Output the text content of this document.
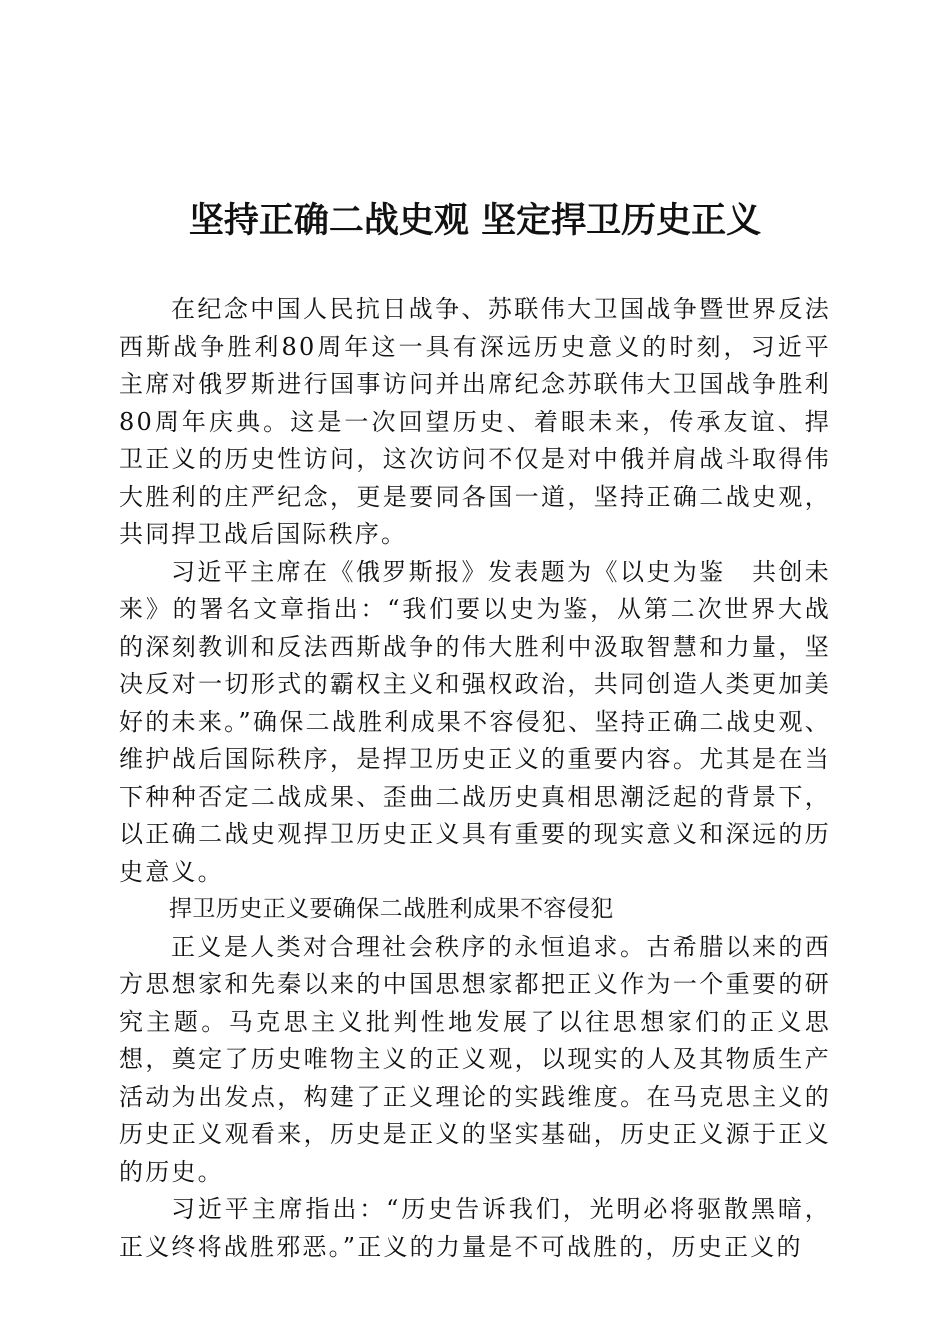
坚持正确二战史观 坚定捍卫历史正义

在纪念中国人民抗日战争、苏联伟大卫国战争暨世界反法西斯战争胜利80周年这一具有深远历史意义的时刻，习近平主席对俄罗斯进行国事访问并出席纪念苏联伟大卫国战争胜利80周年庆典。这是一次回望历史、着眼未来，传承友谊、捍卫正义的历史性访问，这次访问不仅是对中俄并肩战斗取得伟大胜利的庄严纪念，更是要同各国一道，坚持正确二战史观，共同捍卫战后国际秩序。

习近平主席在《俄罗斯报》发表题为《以史为鉴　共创未来》的署名文章指出：“我们要以史为鉴，从第二次世界大战的深刻教训和反法西斯战争的伟大胜利中汲取智慧和力量，坚决反对一切形式的霸权主义和强权政治，共同创造人类更加美好的未来。”确保二战胜利成果不容侵犯、坚持正确二战史观、维护战后国际秩序，是捍卫历史正义的重要内容。尤其是在当下种种否定二战成果、歪曲二战历史真相思潮泛起的背景下，以正确二战史观捍卫历史正义具有重要的现实意义和深远的历史意义。

捍卫历史正义要确保二战胜利成果不容侵犯

正义是人类对合理社会秩序的永恒追求。古希腊以来的西方思想家和先秦以来的中国思想家都把正义作为一个重要的研究主题。马克思主义批判性地发展了以往思想家们的正义思想，奠定了历史唯物主义的正义观，以现实的人及其物质生产活动为出发点，构建了正义理论的实践维度。在马克思主义的历史正义观看来，历史是正义的坚实基础，历史正义源于正义的历史。

习近平主席指出：“历史告诉我们，光明必将驱散黑暗，正义终将战胜邪恶。”正义的力量是不可战胜的，历史正义的
